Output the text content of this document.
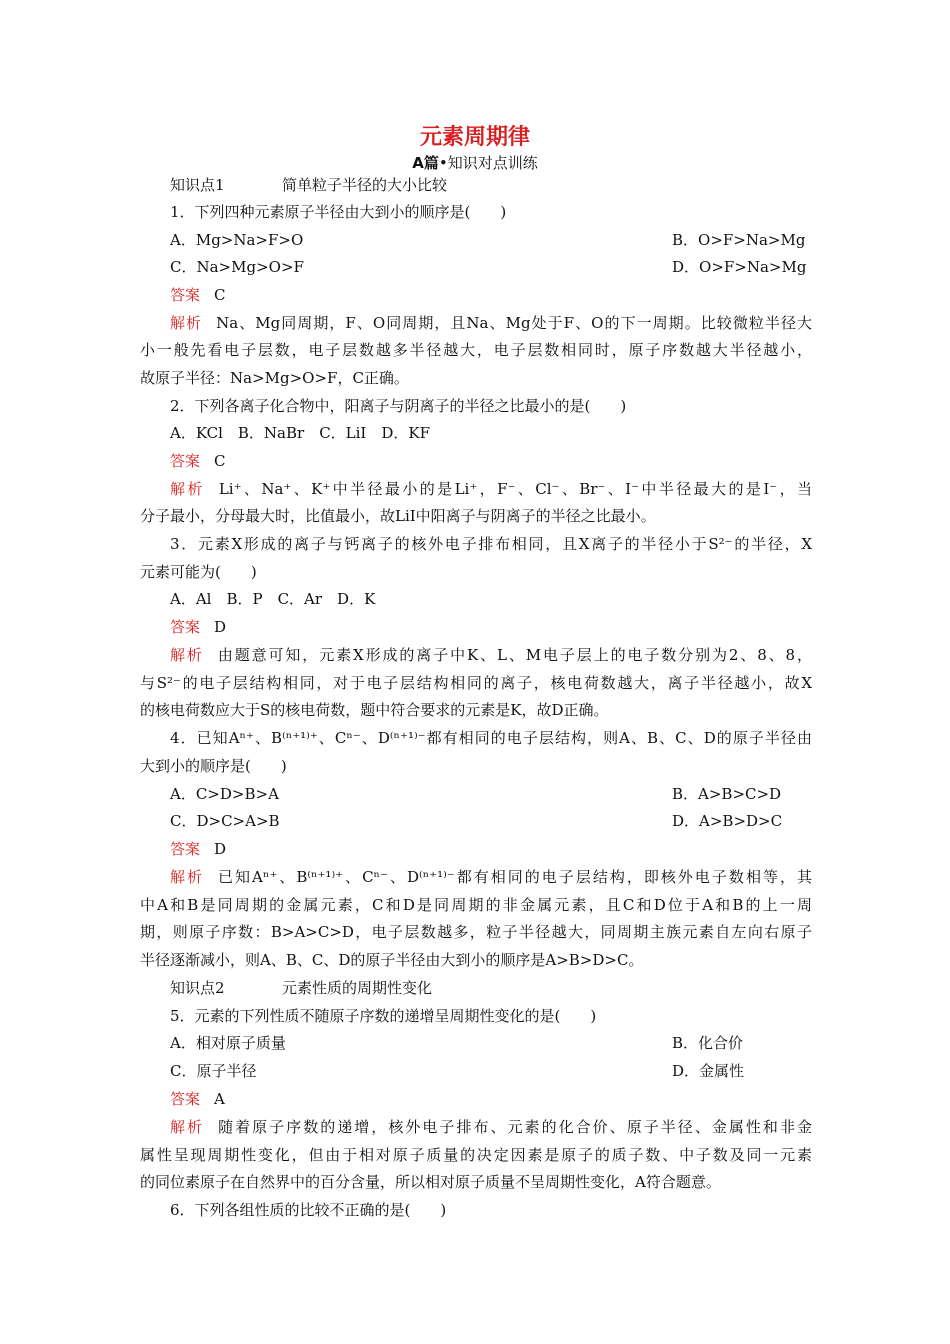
元素周期律
A篇•知识对点训练
知识点1	简单粒子半径的大小比较
1．下列四种元素原子半径由大到小的顺序是(　　)
A．Mg>Na>F>O	B．O>F>Na>Mg
C．Na>Mg>O>F	D．O>F>Na>Mg
答案 C
解析 Na、Mg同周期，F、O同周期，且Na、Mg处于F、O的下一周期。比较微粒半径大
小一般先看电子层数，电子层数越多半径越大，电子层数相同时，原子序数越大半径越小，
故原子半径：Na>Mg>O>F，C正确。
2．下列各离子化合物中，阳离子与阴离子的半径之比最小的是(　　)
A．KCl　B．NaBr　C．LiI　D．KF
答案 C
解析 Li⁺、Na⁺、K⁺中半径最小的是Li⁺，F⁻、Cl⁻、Br⁻、I⁻中半径最大的是I⁻，当
分子最小，分母最大时，比值最小，故LiI中阳离子与阴离子的半径之比最小。
3．元素X形成的离子与钙离子的核外电子排布相同，且X离子的半径小于S²⁻的半径，X
元素可能为(　　)
A．Al　B．P　C．Ar　D．K
答案 D
解析 由题意可知，元素X形成的离子中K、L、M电子层上的电子数分别为2、8、8，
与S²⁻的电子层结构相同，对于电子层结构相同的离子，核电荷数越大，离子半径越小，故X
的核电荷数应大于S的核电荷数，题中符合要求的元素是K，故D正确。
4．已知Aⁿ⁺、B⁽ⁿ⁺¹⁾⁺、Cⁿ⁻、D⁽ⁿ⁺¹⁾⁻都有相同的电子层结构，则A、B、C、D的原子半径由
大到小的顺序是(　　)
A．C>D>B>A	B．A>B>C>D
C．D>C>A>B	D．A>B>D>C
答案 D
解析 已知Aⁿ⁺、B⁽ⁿ⁺¹⁾⁺、Cⁿ⁻、D⁽ⁿ⁺¹⁾⁻都有相同的电子层结构，即核外电子数相等，其
中A和B是同周期的金属元素，C和D是同周期的非金属元素，且C和D位于A和B的上一周
期，则原子序数：B>A>C>D，电子层数越多，粒子半径越大，同周期主族元素自左向右原子
半径逐渐减小，则A、B、C、D的原子半径由大到小的顺序是A>B>D>C。
知识点2	元素性质的周期性变化
5．元素的下列性质不随原子序数的递增呈周期性变化的是(　　)
A．相对原子质量	B．化合价
C．原子半径	D．金属性
答案 A
解析 随着原子序数的递增，核外电子排布、元素的化合价、原子半径、金属性和非金
属性呈现周期性变化，但由于相对原子质量的决定因素是原子的质子数、中子数及同一元素
的同位素原子在自然界中的百分含量，所以相对原子质量不呈周期性变化，A符合题意。
6．下列各组性质的比较不正确的是(　　)
